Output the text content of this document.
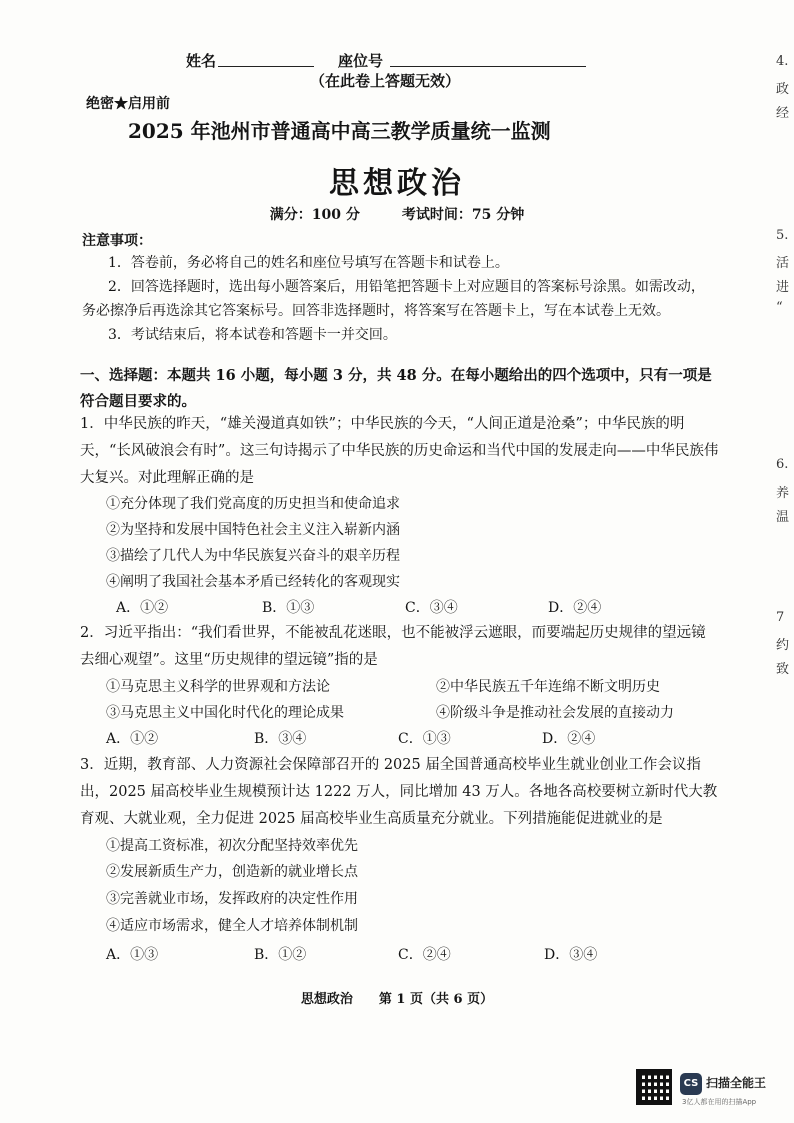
姓名	座位号
（在此卷上答题无效）
绝密★启用前
2025 年池州市普通高中高三教学质量统一监测
思想政治
满分：100 分　　　考试时间：75 分钟
注意事项：
1．答卷前，务必将自己的姓名和座位号填写在答题卡和试卷上。
2．回答选择题时，选出每小题答案后，用铅笔把答题卡上对应题目的答案标号涂黑。如需改动，
务必擦净后再选涂其它答案标号。回答非选择题时，将答案写在答题卡上，写在本试卷上无效。
3．考试结束后，将本试卷和答题卡一并交回。
一、选择题：本题共 16 小题，每小题 3 分，共 48 分。在每小题给出的四个选项中，只有一项是
符合题目要求的。
1．中华民族的昨天，“雄关漫道真如铁”；中华民族的今天，“人间正道是沧桑”；中华民族的明天，“长风破浪会有时”。这三句诗揭示了中华民族的历史命运和当代中国的发展走向——中华民族伟大复兴。对此理解正确的是
①充分体现了我们党高度的历史担当和使命追求
②为坚持和发展中国特色社会主义注入崭新内涵
③描绘了几代人为中华民族复兴奋斗的艰辛历程
④阐明了我国社会基本矛盾已经转化的客观现实
A．①②	B．①③	C．③④	D．②④
2．习近平指出：“我们看世界，不能被乱花迷眼，也不能被浮云遮眼，而要端起历史规律的望远镜去细心观望”。这里“历史规律的望远镜”指的是
①马克思主义科学的世界观和方法论	②中华民族五千年连绵不断文明历史
③马克思主义中国化时代化的理论成果	④阶级斗争是推动社会发展的直接动力
A．①②	B．③④	C．①③	D．②④
3．近期，教育部、人力资源社会保障部召开的 2025 届全国普通高校毕业生就业创业工作会议指出，2025 届高校毕业生规模预计达 1222 万人，同比增加 43 万人。各地各高校要树立新时代大教育观、大就业观，全力促进 2025 届高校毕业生高质量充分就业。下列措施能促进就业的是
①提高工资标准，初次分配坚持效率优先
②发展新质生产力，创造新的就业增长点
③完善就业市场，发挥政府的决定性作用
④适应市场需求，健全人才培养体制机制
A．①③	B．①②	C．②④	D．③④
思想政治　　第 1 页（共 6 页）
4.
政
经
5.
活
进
“
6.
养
温
7
约
致
CS 扫描全能王
3亿人都在用的扫描App
